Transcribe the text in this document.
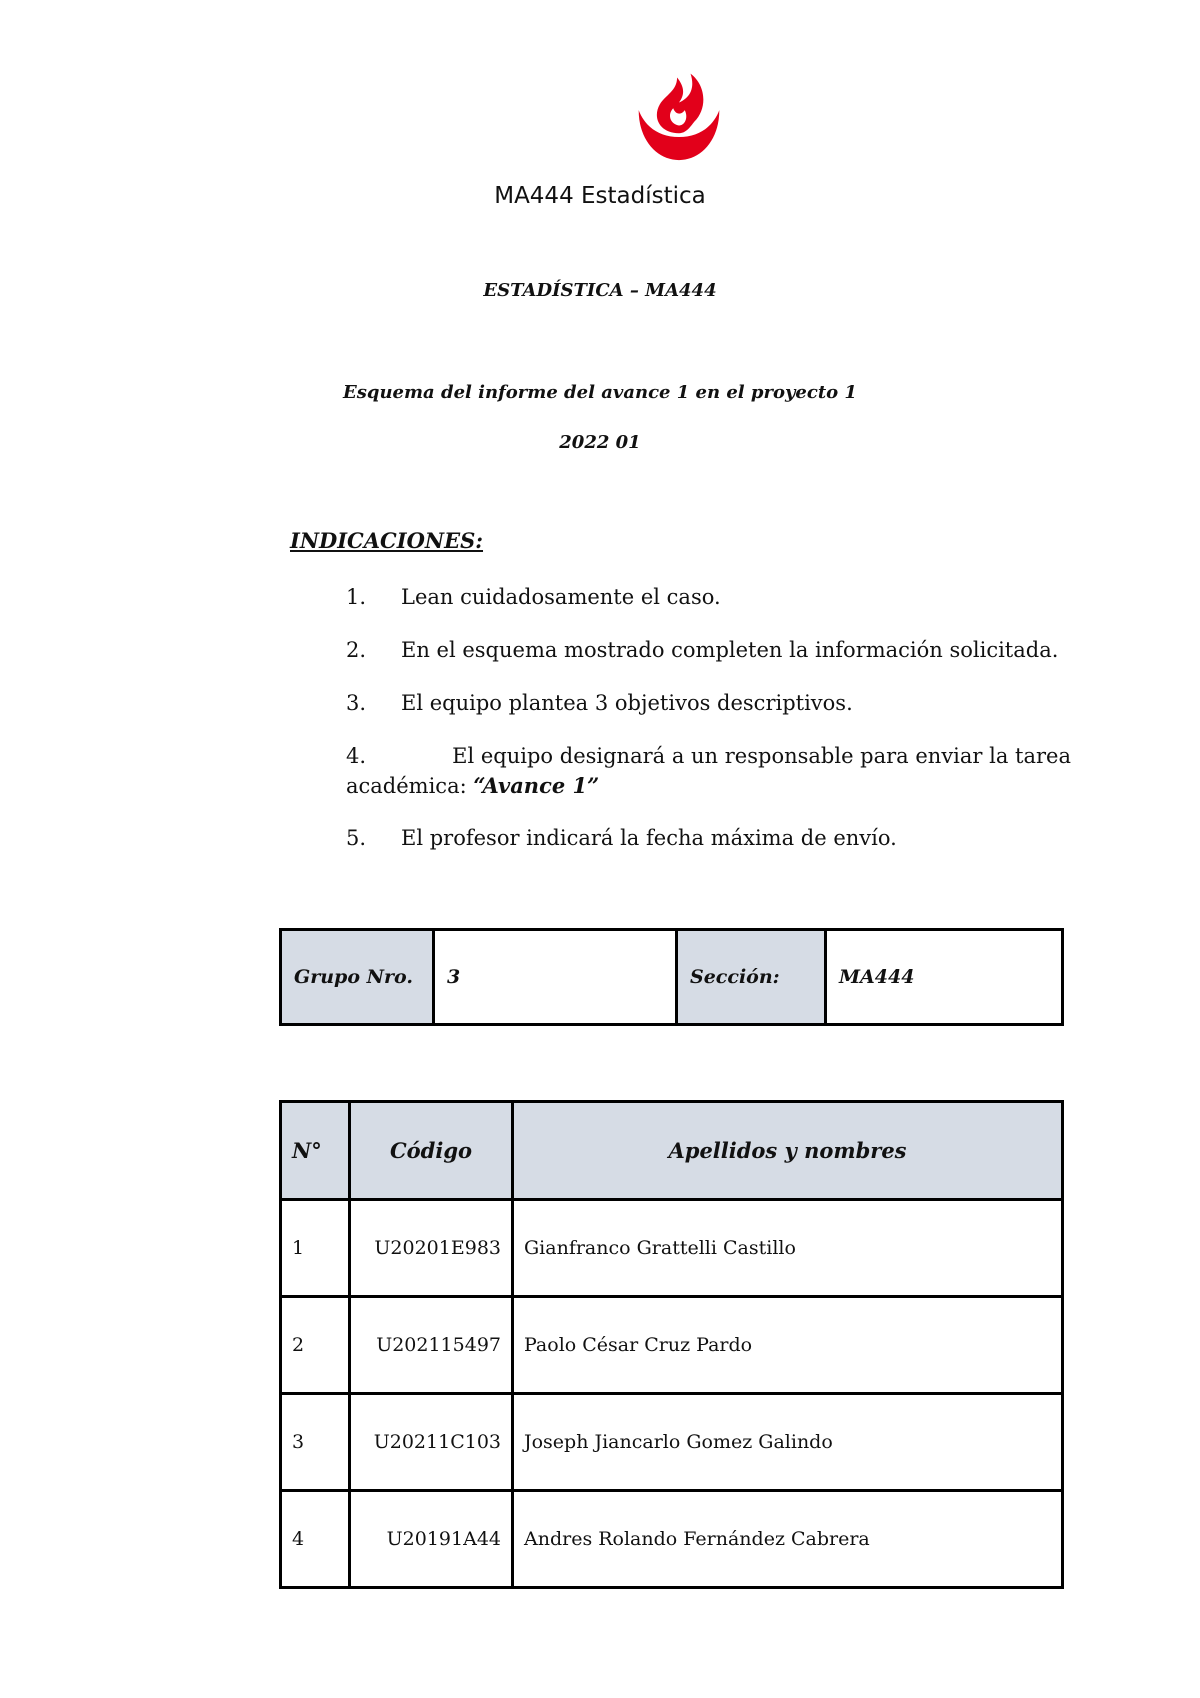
MA444 Estadística
ESTADÍSTICA – MA444
Esquema del informe del avance 1 en el proyecto 1
2022 01
INDICACIONES:
1. Lean cuidadosamente el caso.
2. En el esquema mostrado completen la información solicitada.
3. El equipo plantea 3 objetivos descriptivos.
4.	El equipo designará a un responsable para enviar la tarea
académica: “Avance 1”
5. El profesor indicará la fecha máxima de envío.
Grupo Nro.	3	Sección:	MA444
N°	Código	Apellidos y nombres
1	U20201E983	Gianfranco Grattelli Castillo
2	U202115497	Paolo César Cruz Pardo
3	U20211C103	Joseph Jiancarlo Gomez Galindo
4	U20191A44	Andres Rolando Fernández Cabrera
